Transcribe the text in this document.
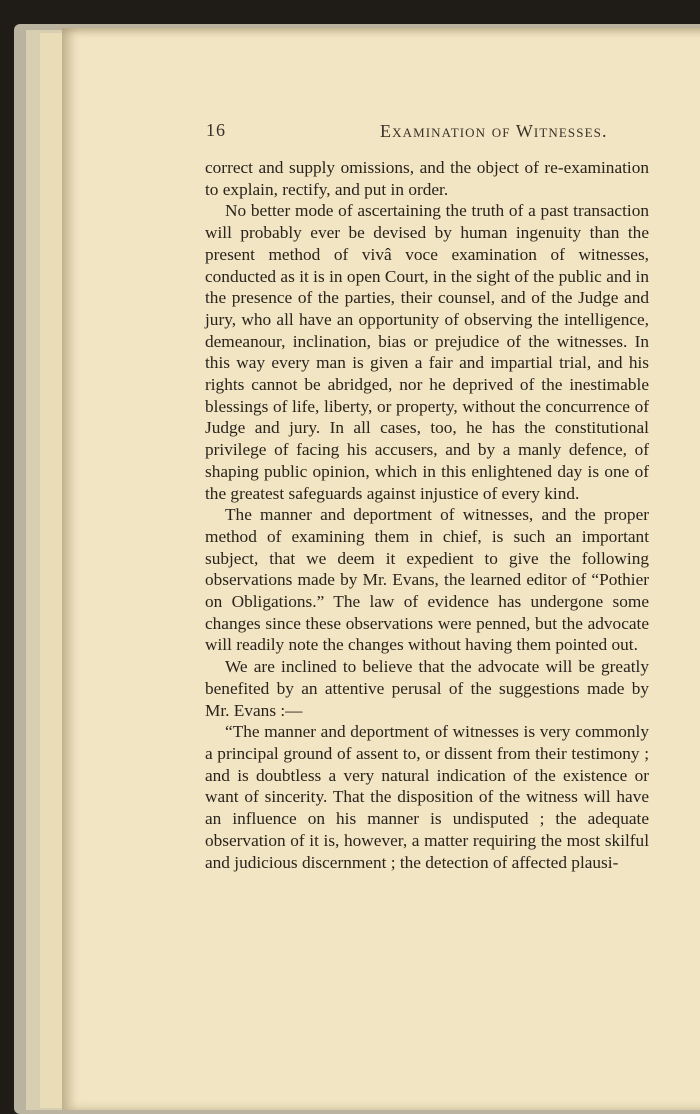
16	Examination of Witnesses.

correct and supply omissions, and the object of re-examination to explain, rectify, and put in order.

No better mode of ascertaining the truth of a past transaction will probably ever be devised by human ingenuity than the present method of vivâ voce examination of witnesses, conducted as it is in open Court, in the sight of the public and in the presence of the parties, their counsel, and of the Judge and jury, who all have an opportunity of observing the intelligence, demeanour, inclination, bias or prejudice of the witnesses. In this way every man is given a fair and impartial trial, and his rights cannot be abridged, nor he deprived of the inestimable blessings of life, liberty, or property, without the concurrence of Judge and jury. In all cases, too, he has the constitutional privilege of facing his accusers, and by a manly defence, of shaping public opinion, which in this enlightened day is one of the greatest safeguards against injustice of every kind.

The manner and deportment of witnesses, and the proper method of examining them in chief, is such an important subject, that we deem it expedient to give the following observations made by Mr. Evans, the learned editor of “Pothier on Obligations.” The law of evidence has undergone some changes since these observations were penned, but the advocate will readily note the changes without having them pointed out.

We are inclined to believe that the advocate will be greatly benefited by an attentive perusal of the suggestions made by Mr. Evans :—

“The manner and deportment of witnesses is very commonly a principal ground of assent to, or dissent from their testimony ; and is doubtless a very natural indication of the existence or want of sincerity. That the disposition of the witness will have an influence on his manner is undisputed ; the adequate observation of it is, however, a matter requiring the most skilful and judicious discernment ; the detection of affected plausi-
